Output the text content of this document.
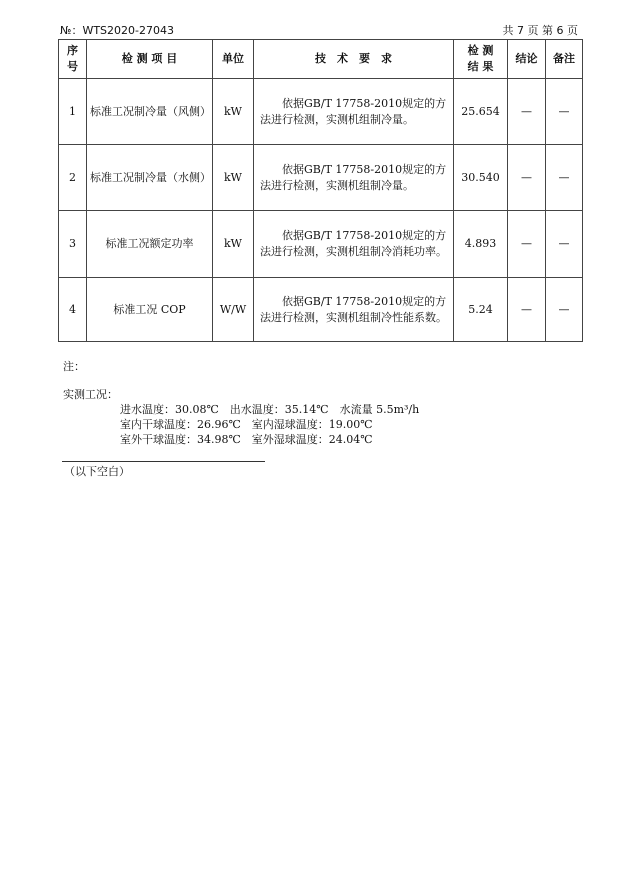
№：WTS2020-27043	共 7 页 第 6 页
序号	检 测 项 目	单位	技　术　要　求	检 测 结 果	结论	备注
1	标准工况制冷量（风侧）	kW	依据GB/T 17758-2010规定的方法进行检测，实测机组制冷量。	25.654	—	—
2	标准工况制冷量（水侧）	kW	依据GB/T 17758-2010规定的方法进行检测，实测机组制冷量。	30.540	—	—
3	标准工况额定功率	kW	依据GB/T 17758-2010规定的方法进行检测，实测机组制冷消耗功率。	4.893	—	—
4	标准工况 COP	W/W	依据GB/T 17758-2010规定的方法进行检测，实测机组制冷性能系数。	5.24	—	—
注：
实测工况：
进水温度：30.08℃　出水温度：35.14℃　水流量 5.5m³/h
室内干球温度：26.96℃　室内湿球温度：19.00℃
室外干球温度：34.98℃　室外湿球温度：24.04℃
（以下空白）
